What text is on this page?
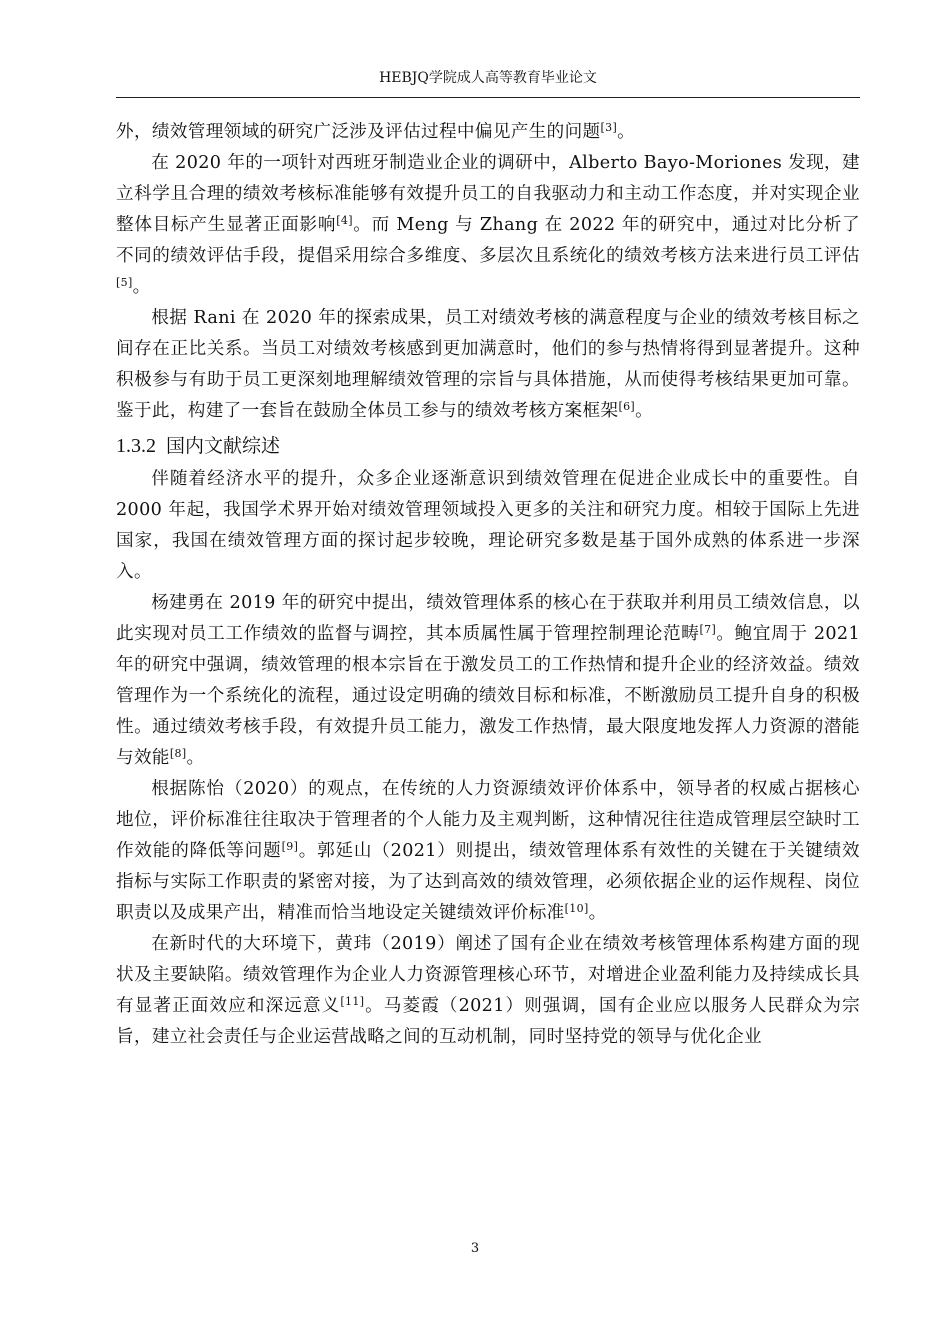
HEBJQ学院成人高等教育毕业论文

外，绩效管理领域的研究广泛涉及评估过程中偏见产生的问题[3]。

在 2020 年的一项针对西班牙制造业企业的调研中，Alberto Bayo-Moriones 发现，建立科学且合理的绩效考核标准能够有效提升员工的自我驱动力和主动工作态度，并对实现企业整体目标产生显著正面影响[4]。而 Meng 与 Zhang 在 2022 年的研究中，通过对比分析了不同的绩效评估手段，提倡采用综合多维度、多层次且系统化的绩效考核方法来进行员工评估[5]。

根据 Rani 在 2020 年的探索成果，员工对绩效考核的满意程度与企业的绩效考核目标之间存在正比关系。当员工对绩效考核感到更加满意时，他们的参与热情将得到显著提升。这种积极参与有助于员工更深刻地理解绩效管理的宗旨与具体措施，从而使得考核结果更加可靠。鉴于此，构建了一套旨在鼓励全体员工参与的绩效考核方案框架[6]。

1.3.2 国内文献综述

伴随着经济水平的提升，众多企业逐渐意识到绩效管理在促进企业成长中的重要性。自 2000 年起，我国学术界开始对绩效管理领域投入更多的关注和研究力度。相较于国际上先进国家，我国在绩效管理方面的探讨起步较晚，理论研究多数是基于国外成熟的体系进一步深入。

杨建勇在 2019 年的研究中提出，绩效管理体系的核心在于获取并利用员工绩效信息，以此实现对员工工作绩效的监督与调控，其本质属性属于管理控制理论范畴[7]。鲍宜周于 2021 年的研究中强调，绩效管理的根本宗旨在于激发员工的工作热情和提升企业的经济效益。绩效管理作为一个系统化的流程，通过设定明确的绩效目标和标准，不断激励员工提升自身的积极性。通过绩效考核手段，有效提升员工能力，激发工作热情，最大限度地发挥人力资源的潜能与效能[8]。

根据陈怡（2020）的观点，在传统的人力资源绩效评价体系中，领导者的权威占据核心地位，评价标准往往取决于管理者的个人能力及主观判断，这种情况往往造成管理层空缺时工作效能的降低等问题[9]。郭延山（2021）则提出，绩效管理体系有效性的关键在于关键绩效指标与实际工作职责的紧密对接，为了达到高效的绩效管理，必须依据企业的运作规程、岗位职责以及成果产出，精准而恰当地设定关键绩效评价标准[10]。

在新时代的大环境下，黄玮（2019）阐述了国有企业在绩效考核管理体系构建方面的现状及主要缺陷。绩效管理作为企业人力资源管理核心环节，对增进企业盈利能力及持续成长具有显著正面效应和深远意义[11]。马菱霞（2021）则强调，国有企业应以服务人民群众为宗旨，建立社会责任与企业运营战略之间的互动机制，同时坚持党的领导与优化企业

3
